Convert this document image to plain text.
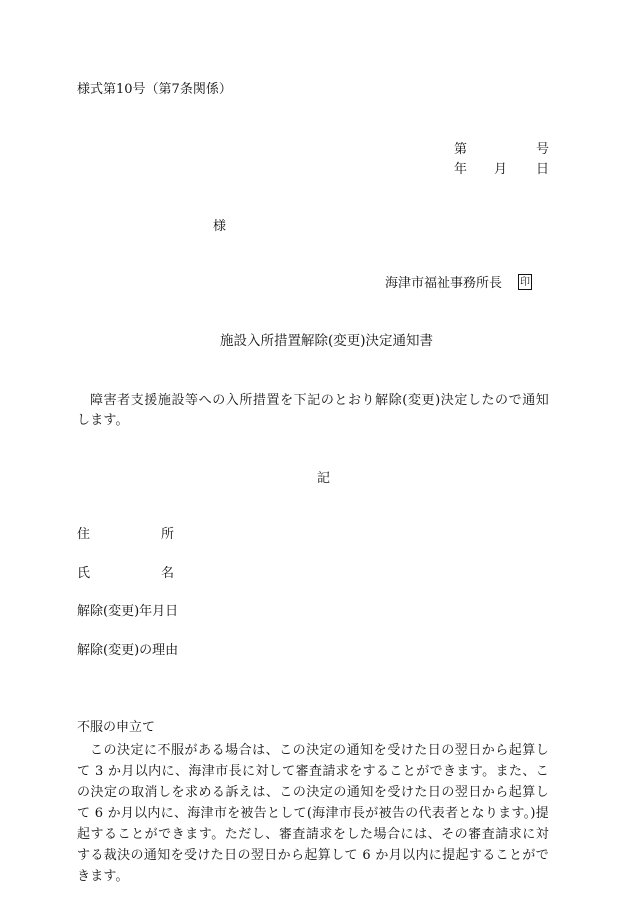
様式第10号（第7条関係）
第	号
年 月 日
様
海津市福祉事務所長 印
施設入所措置解除(変更)決定通知書
障害者支援施設等への入所措置を下記のとおり解除(変更)決定したので通知します。
記
住	所
氏	名
解除(変更)年月日
解除(変更)の理由
不服の申立て
この決定に不服がある場合は、この決定の通知を受けた日の翌日から起算して 3 か月以内に、海津市長に対して審査請求をすることができます。また、この決定の取消しを求める訴えは、この決定の通知を受けた日の翌日から起算して 6 か月以内に、海津市を被告として(海津市長が被告の代表者となります。)提起することができます。ただし、審査請求をした場合には、その審査請求に対する裁決の通知を受けた日の翌日から起算して 6 か月以内に提起することができます。
